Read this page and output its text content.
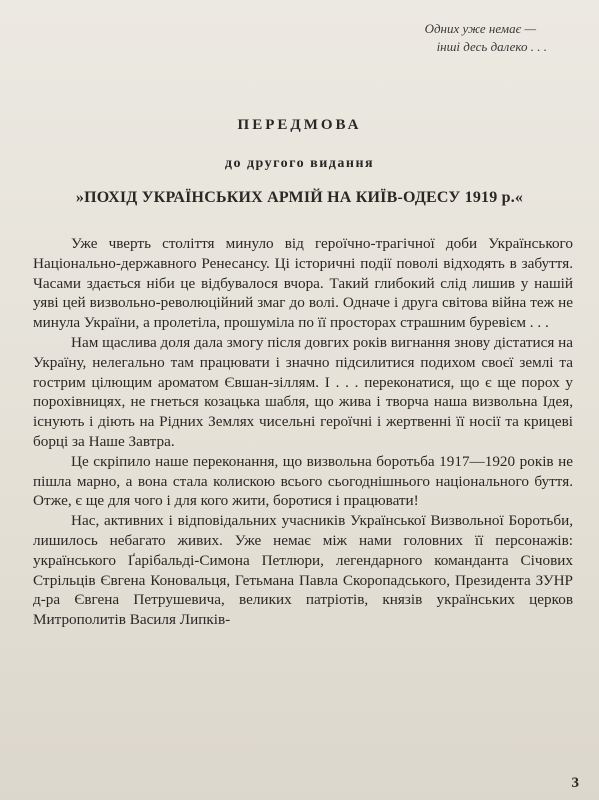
Одних уже немає —
інші десь далеко . . .
ПЕРЕДМОВА
до другого видання
»ПОХІД УКРАЇНСЬКИХ АРМІЙ НА КИЇВ-ОДЕСУ 1919 р.«

Уже чверть століття минуло від героїчно-трагічної доби Українського Національно-державного Ренесансу. Ці історичні події поволі відходять в забуття. Часами здається ніби це відбувалося вчора. Такий глибокий слід лишив у нашій уяві цей визвольно-революційний змаг до волі. Одначе і друга світова війна теж не минула України, а пролетіла, прошуміла по її просторах страшним буревієм . . .

Нам щаслива доля дала змогу після довгих років вигнання знову дістатися на Україну, нелегально там працювати і значно підсилитися подихом своєї землі та гострим цілющим ароматом Євшан-зіллям. І . . . переконатися, що є ще порох у порохівницях, не гнеться козацька шабля, що жива і творча наша визвольна Ідея, існують і діють на Рідних Землях чисельні героїчні і жертвенні її носії та крицеві борці за Наше Завтра.

Це скріпило наше переконання, що визвольна боротьба 1917—1920 років не пішла марно, а вона стала колискою всього сьогоднішнього національного буття. Отже, є ще для чого і для кого жити, боротися і працювати!

Нас, активних і відповідальних учасників Української Визвольної Боротьби, лишилось небагато живих. Уже немає між нами головних її персонажів: українського Ґарібальді-Симона Петлюри, легендарного команданта Січових Стрільців Євгена Коновальця, Гетьмана Павла Скоропадського, Президента ЗУНР д-ра Євгена Петрушевича, великих патріотів, князів українських церков Митрополитів Василя Липків-

3
